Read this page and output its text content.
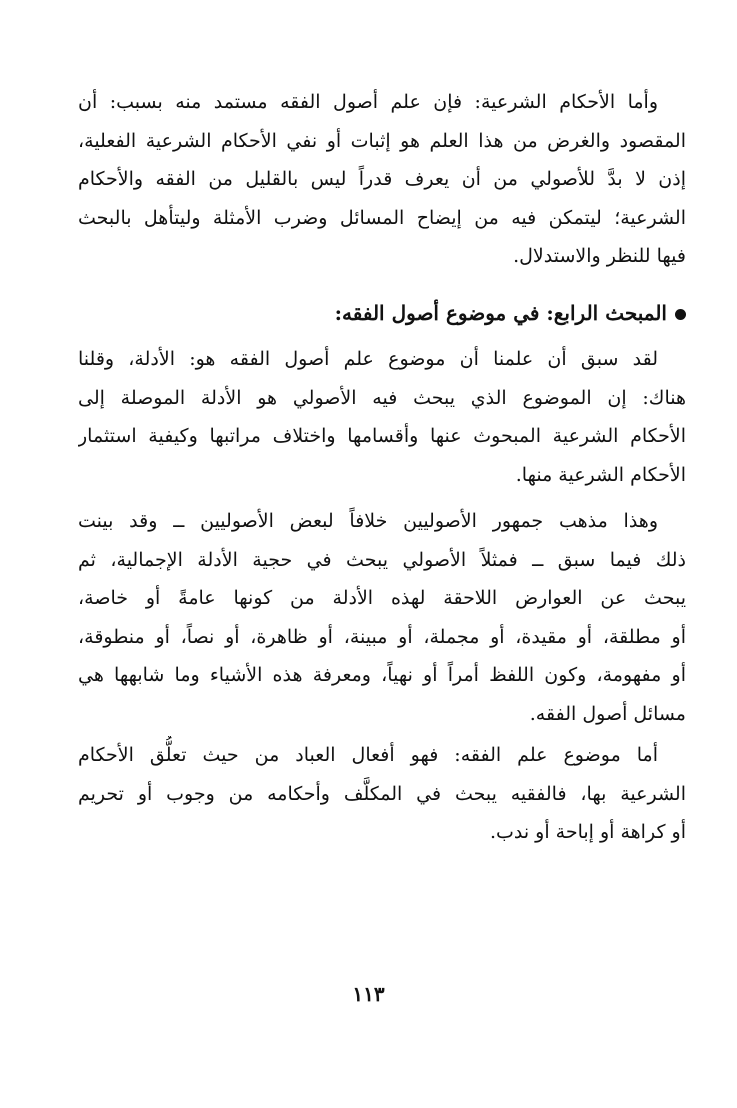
وأما الأحكام الشرعية: فإن علم أصول الفقه مستمد منه بسبب: أن
المقصود والغرض من هذا العلم هو إثبات أو نفي الأحكام الشرعية الفعلية،
إذن لا بدَّ للأصولي من أن يعرف قدراً ليس بالقليل من الفقه والأحكام
الشرعية؛ ليتمكن فيه من إيضاح المسائل وضرب الأمثلة وليتأهل بالبحث
فيها للنظر والاستدلال.
المبحث الرابع: في موضوع أصول الفقه:
لقد سبق أن علمنا أن موضوع علم أصول الفقه هو: الأدلة، وقلنا
هناك: إن الموضوع الذي يبحث فيه الأصولي هو الأدلة الموصلة إلى
الأحكام الشرعية المبحوث عنها وأقسامها واختلاف مراتبها وكيفية استثمار
الأحكام الشرعية منها.
وهذا مذهب جمهور الأصوليين خلافاً لبعض الأصوليين ــ وقد بينت
ذلك فيما سبق ــ فمثلاً الأصولي يبحث في حجية الأدلة الإجمالية، ثم
يبحث عن العوارض اللاحقة لهذه الأدلة من كونها عامةً أو خاصة،
أو مطلقة، أو مقيدة، أو مجملة، أو مبينة، أو ظاهرة، أو نصاً، أو منطوقة،
أو مفهومة، وكون اللفظ أمراً أو نهياً، ومعرفة هذه الأشياء وما شابهها هي
مسائل أصول الفقه.
أما موضوع علم الفقه: فهو أفعال العباد من حيث تعلُّق الأحكام
الشرعية بها، فالفقيه يبحث في المكلَّف وأحكامه من وجوب أو تحريم
أو كراهة أو إباحة أو ندب.
١١٣
